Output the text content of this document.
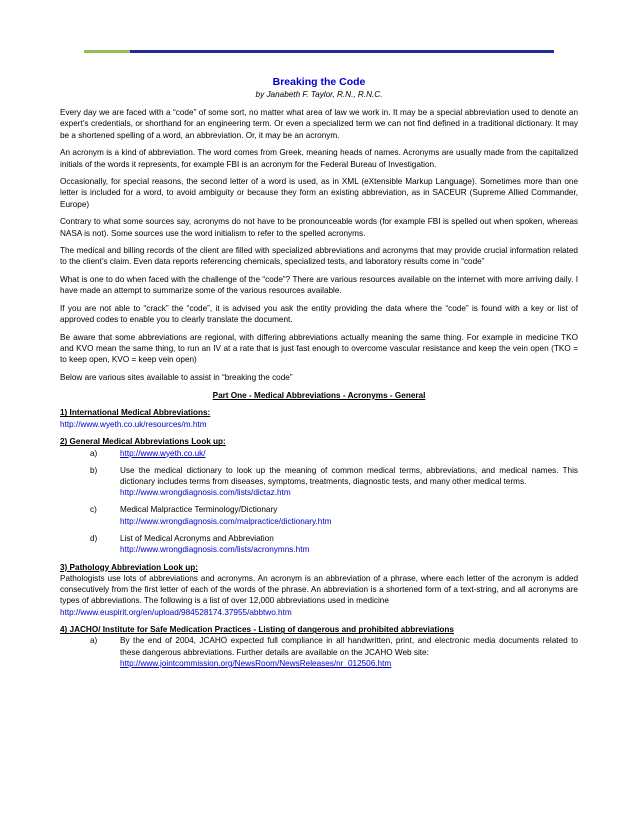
Breaking the Code
by Janabeth F. Taylor, R.N., R.N.C.

Every day we are faced with a “code” of some sort, no matter what area of law we work in. It may be a special abbreviation used to denote an expert’s credentials, or shorthand for an engineering term. Or even a specialized term we can not find defined in a traditional dictionary. It may be a shortened spelling of a word, an abbreviation. Or, it may be an acronym.

An acronym is a kind of abbreviation. The word comes from Greek, meaning heads of names. Acronyms are usually made from the capitalized initials of the words it represents, for example FBI is an acronym for the Federal Bureau of Investigation.

Occasionally, for special reasons, the second letter of a word is used, as in XML (eXtensible Markup Language). Sometimes more than one letter is included for a word, to avoid ambiguity or because they form an existing abbreviation, as in SACEUR (Supreme Allied Commander, Europe)

Contrary to what some sources say, acronyms do not have to be pronounceable words (for example FBI is spelled out when spoken, whereas NASA is not). Some sources use the word initialism to refer to the spelled acronyms.

The medical and billing records of the client are filled with specialized abbreviations and acronyms that may provide crucial information related to the client’s claim. Even data reports referencing chemicals, specialized tests, and laboratory results come in “code”

What is one to do when faced with the challenge of the “code”? There are various resources available on the internet with more arriving daily. I have made an attempt to summarize some of the various resources available.

If you are not able to “crack” the “code”, it is advised you ask the entity providing the data where the “code” is found with a key or list of approved codes to enable you to clearly translate the document.

Be aware that some abbreviations are regional, with differing abbreviations actually meaning the same thing. For example in medicine TKO and KVO mean the same thing, to run an IV at a rate that is just fast enough to overcome vascular resistance and keep the vein open (TKO = to keep open, KVO = keep vein open)

Below are various sites available to assist in “breaking the code”

Part One - Medical Abbreviations - Acronyms - General
1) International Medical Abbreviations:
http://www.wyeth.co.uk/resources/m.htm
2) General Medical Abbreviations Look up:
a)	http://www.wyeth.co.uk/
b)	Use the medical dictionary to look up the meaning of common medical terms, abbreviations, and medical names. This dictionary includes terms from diseases, symptoms, treatments, diagnostic tests, and many other medical terms.
http://www.wrongdiagnosis.com/lists/dictaz.htm
c)	Medical Malpractice Terminology/Dictionary
http://www.wrongdiagnosis.com/malpractice/dictionary.htm
d)	List of Medical Acronyms and Abbreviation
http://www.wrongdiagnosis.com/lists/acronymns.htm
3) Pathology Abbreviation Look up:
Pathologists use lots of abbreviations and acronyms. An acronym is an abbreviation of a phrase, where each letter of the acronym is added consecutively from the first letter of each of the words of the phrase. An abbreviation is a shortened form of a text-string, and all acronyms are types of abbreviations. The following is a list of over 12,000 abbreviations used in medicine
http://www.euspirit.org/en/upload/984528174.37955/abbtwo.htm
4) JACHO/ Institute for Safe Medication Practices - Listing of dangerous and prohibited abbreviations
a)	By the end of 2004, JCAHO expected full compliance in all handwritten, print, and electronic media documents related to these dangerous abbreviations. Further details are available on the JCAHO Web site:
http://www.jointcommission.org/NewsRoom/NewsReleases/nr_012506.htm
